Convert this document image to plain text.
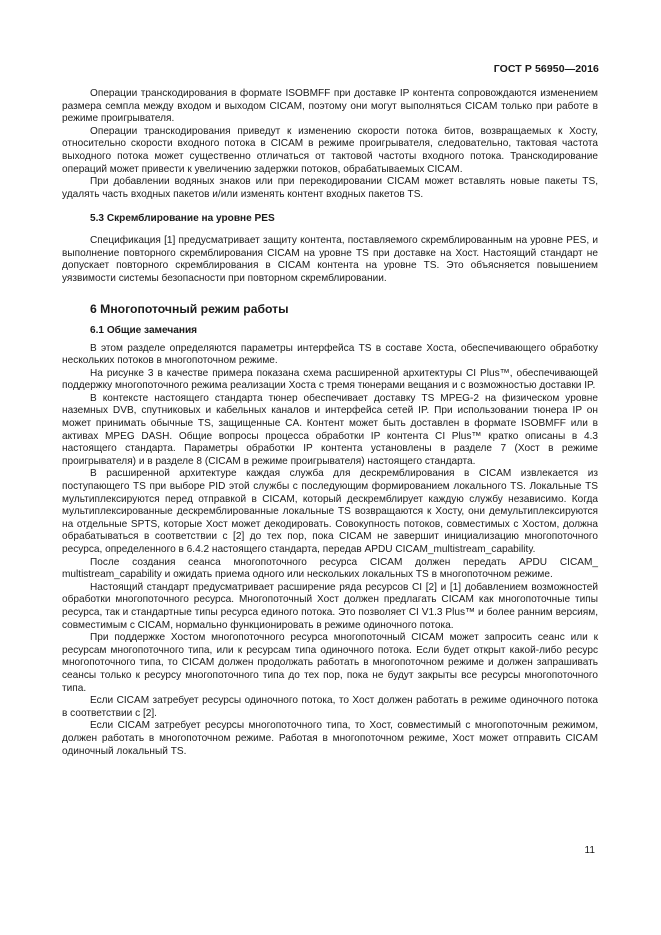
ГОСТ Р 56950—2016

Операции транскодирования в формате ISOBMFF при доставке IP контента сопровождаются изменением размера семпла между входом и выходом CICAM, поэтому они могут выполняться CICAM только при работе в режиме проигрывателя.

Операции транскодирования приведут к изменению скорости потока битов, возвращаемых к Хосту, относительно скорости входного потока в CICAM в режиме проигрывателя, следовательно, тактовая частота выходного потока может существенно отличаться от тактовой частоты входного потока. Транскодирование операций может привести к увеличению задержки потоков, обрабатываемых CICAM.

При добавлении водяных знаков или при перекодировании CICAM может вставлять новые пакеты TS, удалять часть входных пакетов и/или изменять контент входных пакетов TS.

5.3 Скремблирование на уровне PES

Спецификация [1] предусматривает защиту контента, поставляемого скремблированным на уровне PES, и выполнение повторного скремблирования CICAM на уровне TS при доставке на Хост. Настоящий стандарт не допускает повторного скремблирования в CICAM контента на уровне TS. Это объясняется повышением уязвимости системы безопасности при повторном скремблировании.

6 Многопоточный режим работы
6.1 Общие замечания

В этом разделе определяются параметры интерфейса TS в составе Хоста, обеспечивающего обработку нескольких потоков в многопоточном режиме.

На рисунке 3 в качестве примера показана схема расширенной архитектуры CI Plus™, обеспечивающей поддержку многопоточного режима реализации Хоста с тремя тюнерами вещания и с возможностью доставки IP.

В контексте настоящего стандарта тюнер обеспечивает доставку TS MPEG-2 на физическом уровне наземных DVB, спутниковых и кабельных каналов и интерфейса сетей IP. При использовании тюнера IP он может принимать обычные TS, защищенные CA. Контент может быть доставлен в формате ISOBMFF или в активах MPEG DASH. Общие вопросы процесса обработки IP контента CI Plus™ кратко описаны в 4.3 настоящего стандарта. Параметры обработки IP контента установлены в разделе 7 (Хост в режиме проигрывателя) и в разделе 8 (CICAM в режиме проигрывателя) настоящего стандарта.

В расширенной архитектуре каждая служба для дескремблирования в CICAM извлекается из поступающего TS при выборе PID этой службы с последующим формированием локального TS. Локальные TS мультиплексируются перед отправкой в CICAM, который дескремблирует каждую службу независимо. Когда мультиплексированные дескремблированные локальные TS возвращаются к Хосту, они демультиплексируются на отдельные SPTS, которые Хост может декодировать. Совокупность потоков, совместимых с Хостом, должна обрабатываться в соответствии с [2] до тех пор, пока CICAM не завершит инициализацию многопоточного ресурса, определенного в 6.4.2 настоящего стандарта, передав APDU CICAM_multistream_capability.

После создания сеанса многопоточного ресурса CICAM должен передать APDU CICAM_ multistream_capability и ожидать приема одного или нескольких локальных TS в многопоточном режиме.

Настоящий стандарт предусматривает расширение ряда ресурсов CI [2] и [1] добавлением возможностей обработки многопоточного ресурса. Многопоточный Хост должен предлагать CICAM как многопоточные типы ресурса, так и стандартные типы ресурса единого потока. Это позволяет CI V1.3 Plus™ и более ранним версиям, совместимым с CICAM, нормально функционировать в режиме одиночного потока.

При поддержке Хостом многопоточного ресурса многопоточный CICAM может запросить сеанс или к ресурсам многопоточного типа, или к ресурсам типа одиночного потока. Если будет открыт какой-либо ресурс многопоточного типа, то CICAM должен продолжать работать в многопоточном режиме и должен запрашивать сеансы только к ресурсу многопоточного типа до тех пор, пока не будут закрыты все ресурсы многопоточного типа.

Если CICAM затребует ресурсы одиночного потока, то Хост должен работать в режиме одиночного потока в соответствии с [2].

Если CICAM затребует ресурсы многопоточного типа, то Хост, совместимый с многопоточным режимом, должен работать в многопоточном режиме. Работая в многопоточном режиме, Хост может отправить CICAM одиночный локальный TS.

11
